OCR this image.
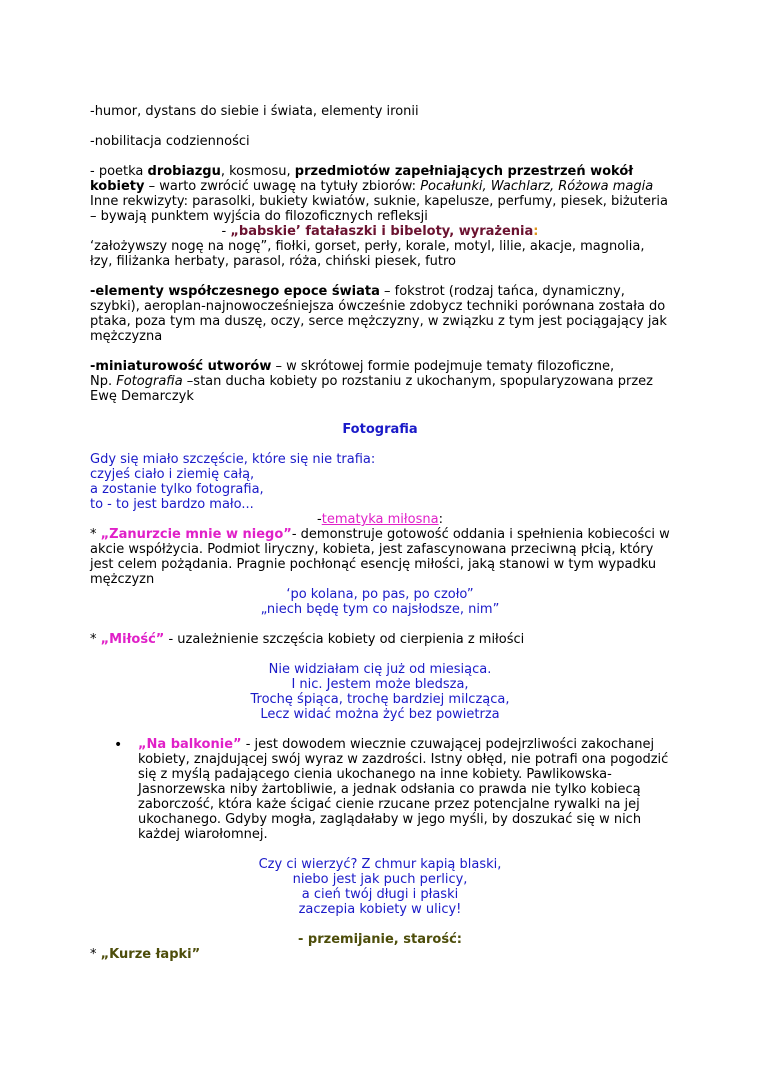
-humor, dystans do siebie i świata, elementy ironii

-nobilitacja codzienności

- poetka drobiazgu, kosmosu, przedmiotów zapełniających przestrzeń wokół kobiety – warto zwrócić uwagę na tytuły zbiorów: Pocałunki, Wachlarz, Różowa magia

Inne rekwizyty: parasolki, bukiety kwiatów, suknie, kapelusze, perfumy, piesek, biżuteria

– bywają punktem wyjścia do filozoficznych refleksji

- „babskie’ fatałaszki i bibeloty, wyrażenia:

‘założywszy nogę na nogę”, fiołki, gorset, perły, korale, motyl, lilie, akacje, magnolia, łzy, filiżanka herbaty, parasol, róża, chiński piesek, futro

-elementy współczesnego epoce świata – fokstrot (rodzaj tańca, dynamiczny, szybki), aeroplan-najnowocześniejsza ówcześnie zdobycz techniki porównana została do ptaka, poza tym ma duszę, oczy, serce mężczyzny, w związku z tym jest pociągający jak mężczyzna

-miniaturowość utworów – w skrótowej formie podejmuje tematy filozoficzne,
Np. Fotografia –stan ducha kobiety po rozstaniu z ukochanym, spopularyzowana przez Ewę Demarczyk

Fotografia

Gdy się miało szczęście, które się nie trafia:

czyjeś ciało i ziemię całą,

a zostanie tylko fotografia,

to - to jest bardzo mało...

-tematyka miłosna:

* „Zanurzcie mnie w niego”- demonstruje gotowość oddania i spełnienia kobiecości w akcie współżycia. Podmiot liryczny, kobieta, jest zafascynowana przeciwną płcią, który jest celem pożądania. Pragnie pochłonąć esencję miłości, jaką stanowi w tym wypadku mężczyzn

‘po kolana, po pas, po czoło”

„niech będę tym co najsłodsze, nim”

* „Miłość” - uzależnienie szczęścia kobiety od cierpienia z miłości

Nie widziałam cię już od miesiąca.

I nic. Jestem może bledsza,

Trochę śpiąca, trochę bardziej milcząca,

Lecz widać można żyć bez powietrza

• „Na balkonie” - jest dowodem wiecznie czuwającej podejrzliwości zakochanej kobiety, znajdującej swój wyraz w zazdrości. Istny obłęd, nie potrafi ona pogodzić się z myślą padającego cienia ukochanego na inne kobiety. Pawlikowska-Jasnorzewska niby żartobliwie, a jednak odsłania co prawda nie tylko kobiecą zaborczość, która każe ścigać cienie rzucane przez potencjalne rywalki na jej ukochanego. Gdyby mogła, zaglądałaby w jego myśli, by doszukać się w nich każdej wiarołomnej.

Czy ci wierzyć? Z chmur kapią blaski,

niebo jest jak puch perlicy,

a cień twój długi i płaski

zaczepia kobiety w ulicy!

- przemijanie, starość:

* „Kurze łapki”
